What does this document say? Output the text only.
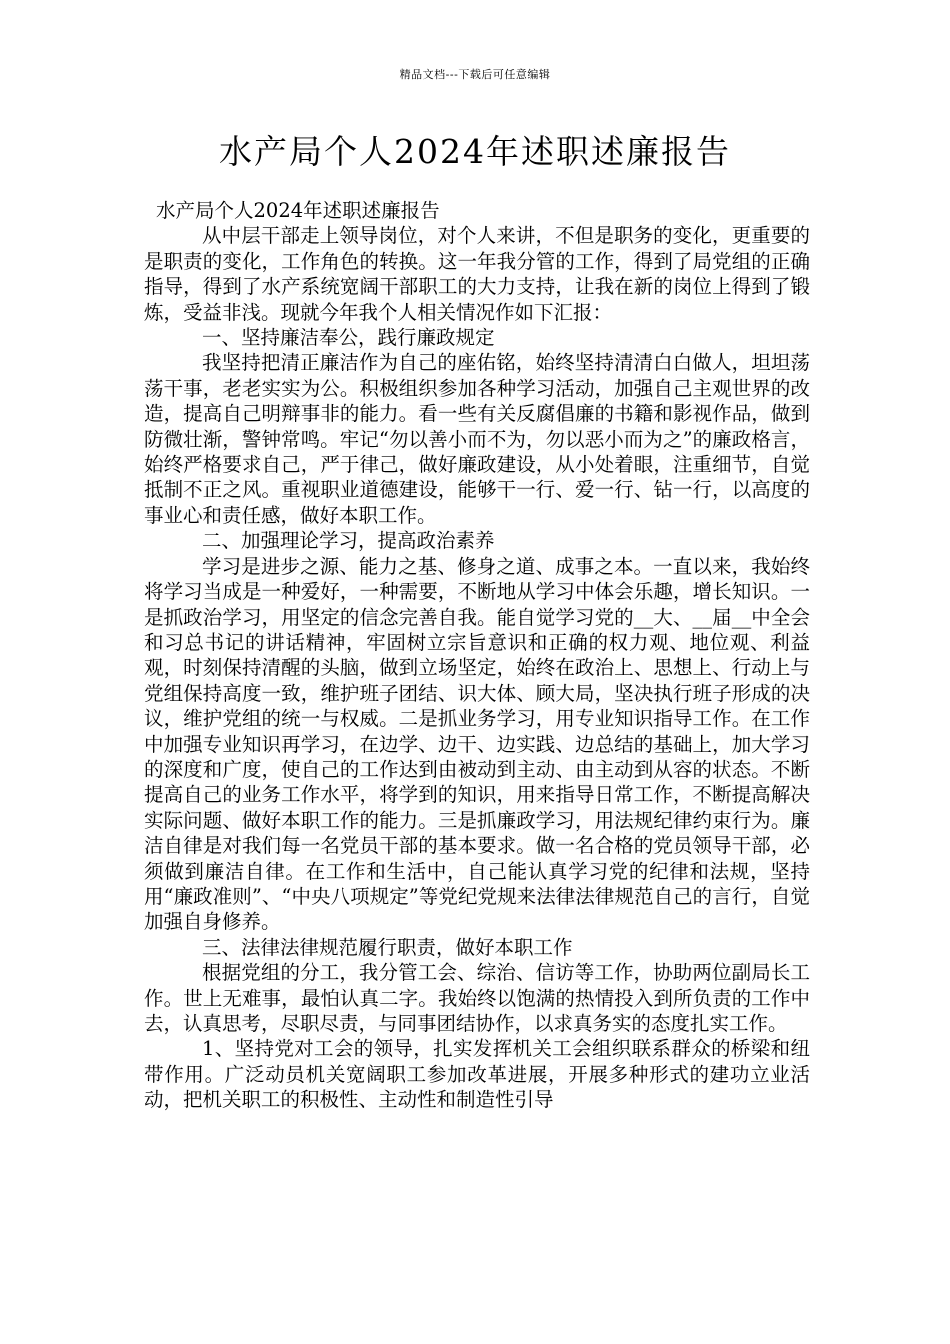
精品文档---下载后可任意编辑
水产局个人2024年述职述廉报告

水产局个人2024年述职述廉报告

从中层干部走上领导岗位，对个人来讲，不但是职务的变化，更重要的是职责的变化，工作角色的转换。这一年我分管的工作，得到了局党组的正确指导，得到了水产系统宽阔干部职工的大力支持，让我在新的岗位上得到了锻炼，受益非浅。现就今年我个人相关情况作如下汇报：

一、坚持廉洁奉公，践行廉政规定

我坚持把清正廉洁作为自己的座佑铭，始终坚持清清白白做人，坦坦荡荡干事，老老实实为公。积极组织参加各种学习活动，加强自己主观世界的改造，提高自己明辩事非的能力。看一些有关反腐倡廉的书籍和影视作品，做到防微壮渐，警钟常鸣。牢记“勿以善小而不为，勿以恶小而为之”的廉政格言，始终严格要求自己，严于律己，做好廉政建设，从小处着眼，注重细节，自觉抵制不正之风。重视职业道德建设，能够干一行、爱一行、钻一行，以高度的事业心和责任感，做好本职工作。

二、加强理论学习，提高政治素养

学习是进步之源、能力之基、修身之道、成事之本。一直以来，我始终将学习当成是一种爱好，一种需要，不断地从学习中体会乐趣，增长知识。一是抓政治学习，用坚定的信念完善自我。能自觉学习党的__大、__届__中全会和习总书记的讲话精神，牢固树立宗旨意识和正确的权力观、地位观、利益观，时刻保持清醒的头脑，做到立场坚定，始终在政治上、思想上、行动上与党组保持高度一致，维护班子团结、识大体、顾大局，坚决执行班子形成的决议，维护党组的统一与权威。二是抓业务学习，用专业知识指导工作。在工作中加强专业知识再学习，在边学、边干、边实践、边总结的基础上，加大学习的深度和广度，使自己的工作达到由被动到主动、由主动到从容的状态。不断提高自己的业务工作水平，将学到的知识，用来指导日常工作，不断提高解决实际问题、做好本职工作的能力。三是抓廉政学习，用法规纪律约束行为。廉洁自律是对我们每一名党员干部的基本要求。做一名合格的党员领导干部，必须做到廉洁自律。在工作和生活中，自己能认真学习党的纪律和法规，坚持用“廉政准则”、“中央八项规定”等党纪党规来法律法律规范自己的言行，自觉加强自身修养。

三、法律法律规范履行职责，做好本职工作

根据党组的分工，我分管工会、综治、信访等工作，协助两位副局长工作。世上无难事，最怕认真二字。我始终以饱满的热情投入到所负责的工作中去，认真思考，尽职尽责，与同事团结协作，以求真务实的态度扎实工作。

1、坚持党对工会的领导，扎实发挥机关工会组织联系群众的桥梁和纽带作用。广泛动员机关宽阔职工参加改革进展，开展多种形式的建功立业活动，把机关职工的积极性、主动性和制造性引导
